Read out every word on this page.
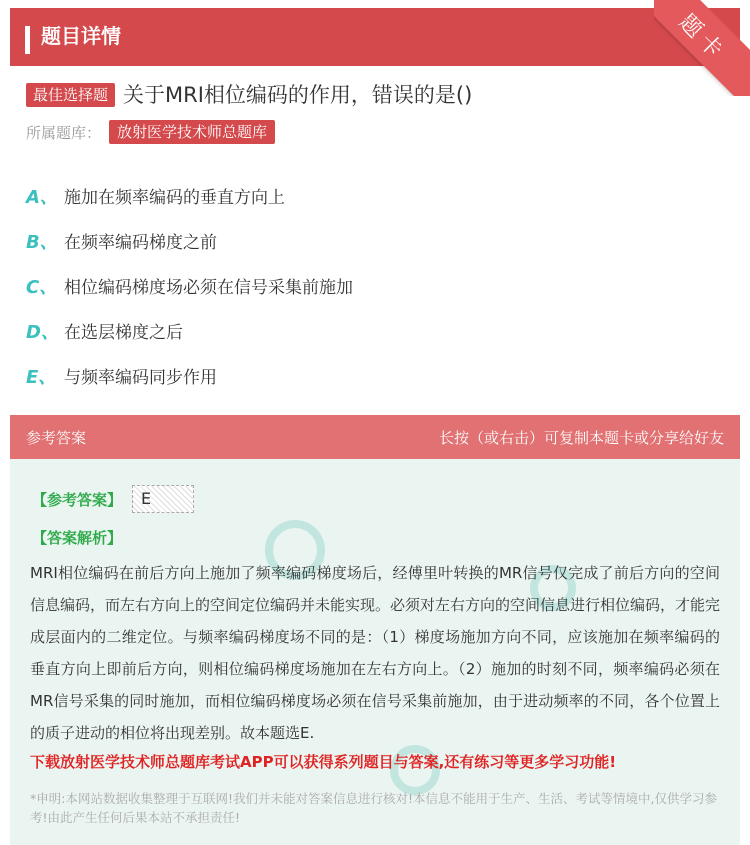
题目详情	题卡
最佳选择题 关于MRI相位编码的作用，错误的是()
所属题库：	放射医学技术师总题库
A、 施加在频率编码的垂直方向上
B、 在频率编码梯度之前
C、 相位编码梯度场必须在信号采集前施加
D、 在选层梯度之后
E、 与频率编码同步作用
参考答案	长按（或右击）可复制本题卡或分享给好友
【参考答案】	E
【答案解析】
MRI相位编码在前后方向上施加了频率编码梯度场后，经傅里叶转换的MR信号仅完成了前后方向的空间信息编码，而左右方向上的空间定位编码并未能实现。必须对左右方向的空间信息进行相位编码，才能完成层面内的二维定位。与频率编码梯度场不同的是：（1）梯度场施加方向不同，应该施加在频率编码的垂直方向上即前后方向，则相位编码梯度场施加在左右方向上。（2）施加的时刻不同，频率编码必须在MR信号采集的同时施加，而相位编码梯度场必须在信号采集前施加，由于进动频率的不同，各个位置上的质子进动的相位将出现差别。故本题选E.
下载放射医学技术师总题库考试APP可以获得系列题目与答案,还有练习等更多学习功能!
*申明:本网站数据收集整理于互联网!我们并未能对答案信息进行核对!本信息不能用于生产、生活、考试等情境中,仅供学习参考!由此产生任何后果本站不承担责任!
